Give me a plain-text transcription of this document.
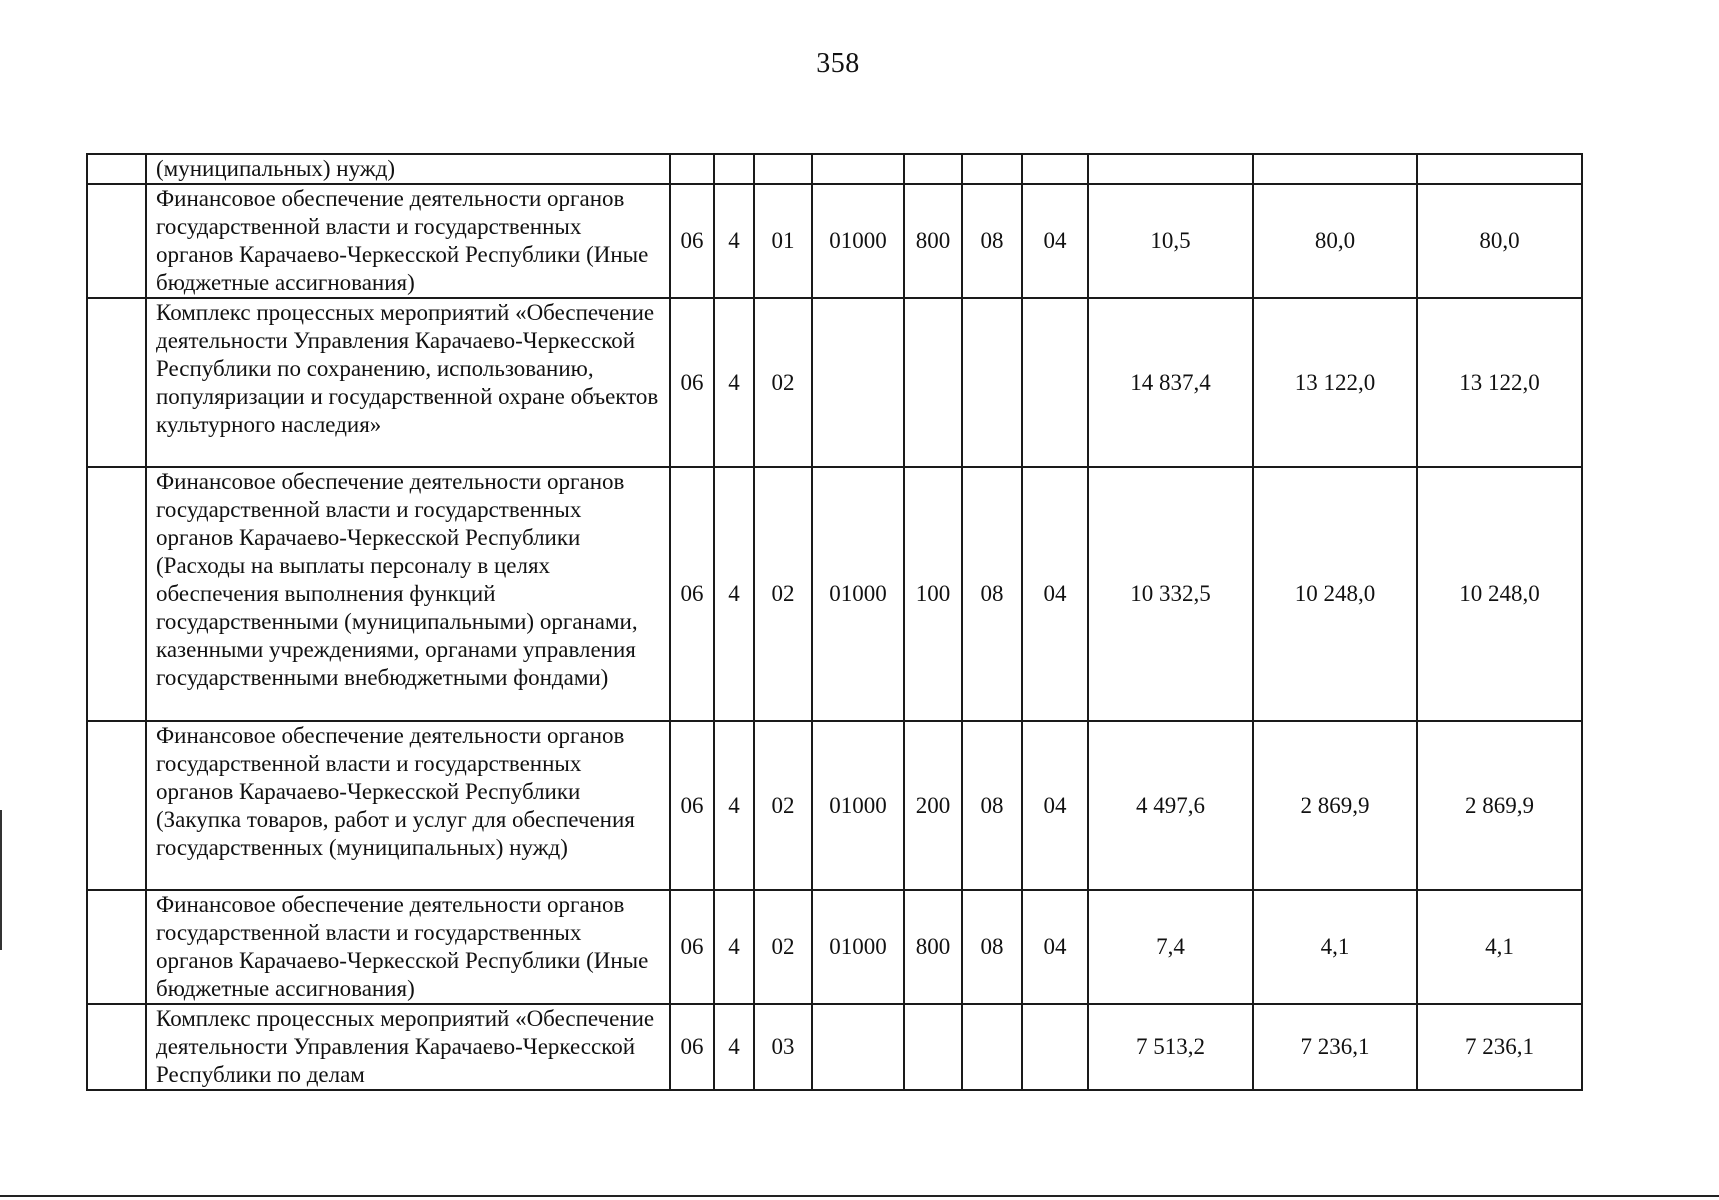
358
	(муниципальных) нужд)										
	Финансовое обеспечение деятельности органов государственной власти и государственных органов Карачаево-Черкесской Республики (Иные бюджетные ассигнования)	06	4	01	01000	800	08	04	10,5	80,0	80,0
	Комплекс процессных мероприятий «Обеспечение деятельности Управления Карачаево-Черкесской Республики по сохранению, использованию, популяризации и государственной охране объектов культурного наследия»	06	4	02					14 837,4	13 122,0	13 122,0
	Финансовое обеспечение деятельности органов государственной власти и государственных органов Карачаево-Черкесской Республики (Расходы на выплаты персоналу в целях обеспечения выполнения функций государственными (муниципальными) органами, казенными учреждениями, органами управления государственными внебюджетными фондами)	06	4	02	01000	100	08	04	10 332,5	10 248,0	10 248,0
	Финансовое обеспечение деятельности органов государственной власти и государственных органов Карачаево-Черкесской Республики (Закупка товаров, работ и услуг для обеспечения государственных (муниципальных) нужд)	06	4	02	01000	200	08	04	4 497,6	2 869,9	2 869,9
	Финансовое обеспечение деятельности органов государственной власти и государственных органов Карачаево-Черкесской Республики (Иные бюджетные ассигнования)	06	4	02	01000	800	08	04	7,4	4,1	4,1
	Комплекс процессных мероприятий «Обеспечение деятельности Управления Карачаево-Черкесской Республики по делам	06	4	03					7 513,2	7 236,1	7 236,1
